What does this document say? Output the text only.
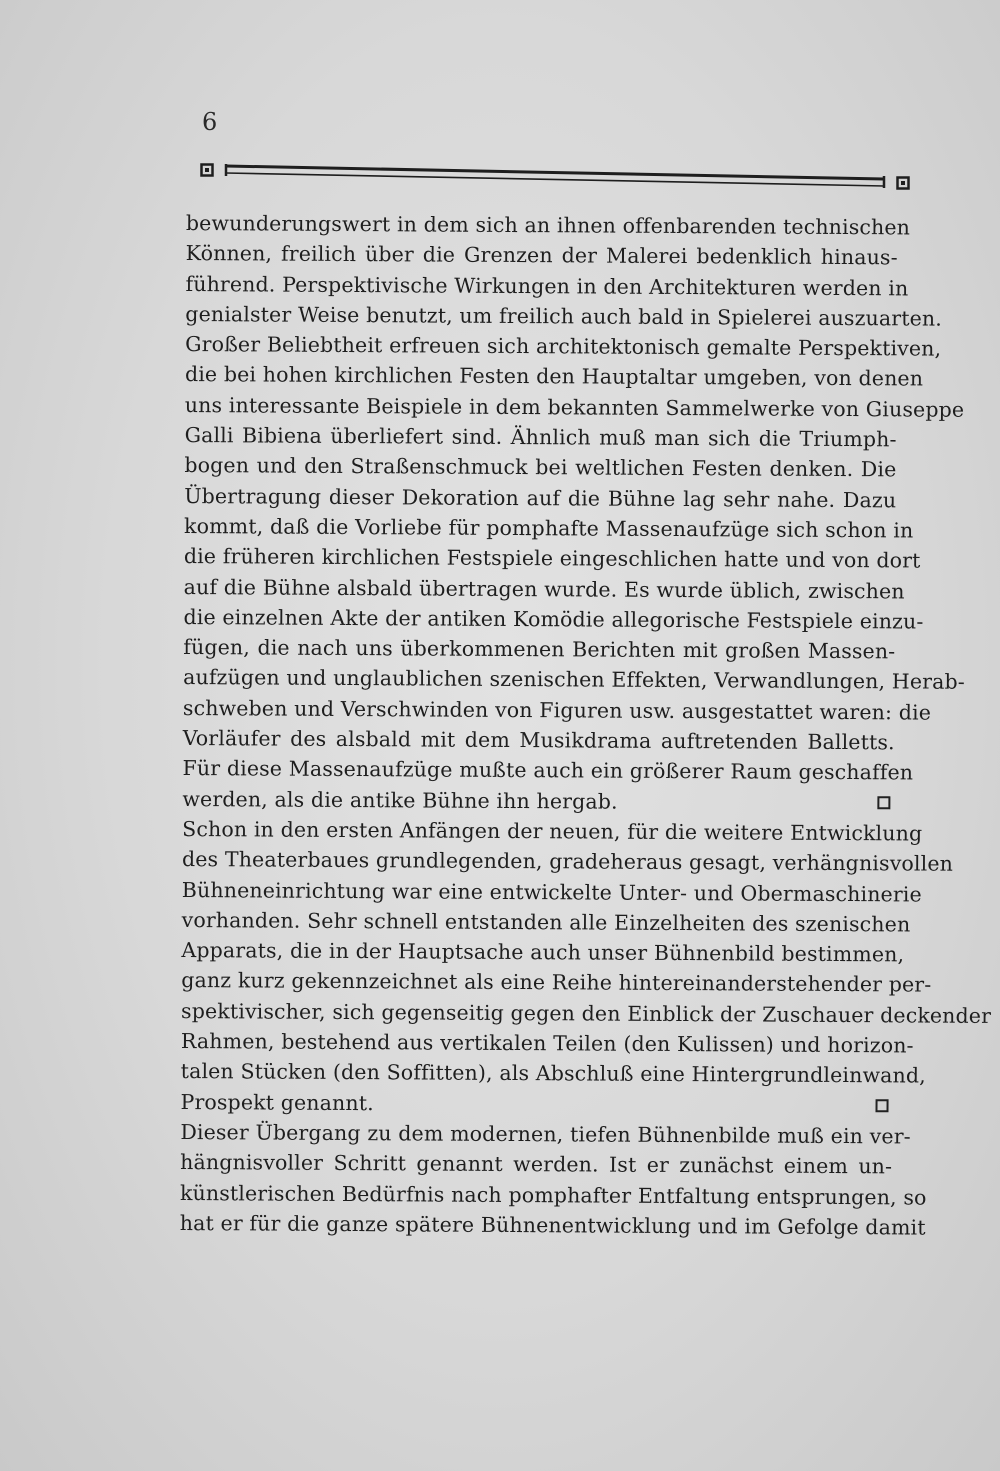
6
bewunderungswert in dem sich an ihnen offenbarenden technischen
Können, freilich über die Grenzen der Malerei bedenklich hinaus-
führend. Perspektivische Wirkungen in den Architekturen werden in
genialster Weise benutzt, um freilich auch bald in Spielerei auszuarten.
Großer Beliebtheit erfreuen sich architektonisch gemalte Perspektiven,
die bei hohen kirchlichen Festen den Hauptaltar umgeben, von denen
uns interessante Beispiele in dem bekannten Sammelwerke von Giuseppe
Galli Bibiena überliefert sind. Ähnlich muß man sich die Triumph-
bogen und den Straßenschmuck bei weltlichen Festen denken. Die
Übertragung dieser Dekoration auf die Bühne lag sehr nahe. Dazu
kommt, daß die Vorliebe für pomphafte Massenaufzüge sich schon in
die früheren kirchlichen Festspiele eingeschlichen hatte und von dort
auf die Bühne alsbald übertragen wurde. Es wurde üblich, zwischen
die einzelnen Akte der antiken Komödie allegorische Festspiele einzu-
fügen, die nach uns überkommenen Berichten mit großen Massen-
aufzügen und unglaublichen szenischen Effekten, Verwandlungen, Herab-
schweben und Verschwinden von Figuren usw. ausgestattet waren: die
Vorläufer des alsbald mit dem Musikdrama auftretenden Balletts.
Für diese Massenaufzüge mußte auch ein größerer Raum geschaffen
werden, als die antike Bühne ihn hergab.
Schon in den ersten Anfängen der neuen, für die weitere Entwicklung
des Theaterbaues grundlegenden, gradeheraus gesagt, verhängnisvollen
Bühneneinrichtung war eine entwickelte Unter- und Obermaschinerie
vorhanden. Sehr schnell entstanden alle Einzelheiten des szenischen
Apparats, die in der Hauptsache auch unser Bühnenbild bestimmen,
ganz kurz gekennzeichnet als eine Reihe hintereinanderstehender per-
spektivischer, sich gegenseitig gegen den Einblick der Zuschauer deckender
Rahmen, bestehend aus vertikalen Teilen (den Kulissen) und horizon-
talen Stücken (den Soffitten), als Abschluß eine Hintergrundleinwand,
Prospekt genannt.
Dieser Übergang zu dem modernen, tiefen Bühnenbilde muß ein ver-
hängnisvoller Schritt genannt werden. Ist er zunächst einem un-
künstlerischen Bedürfnis nach pomphafter Entfaltung entsprungen, so
hat er für die ganze spätere Bühnenentwicklung und im Gefolge damit
